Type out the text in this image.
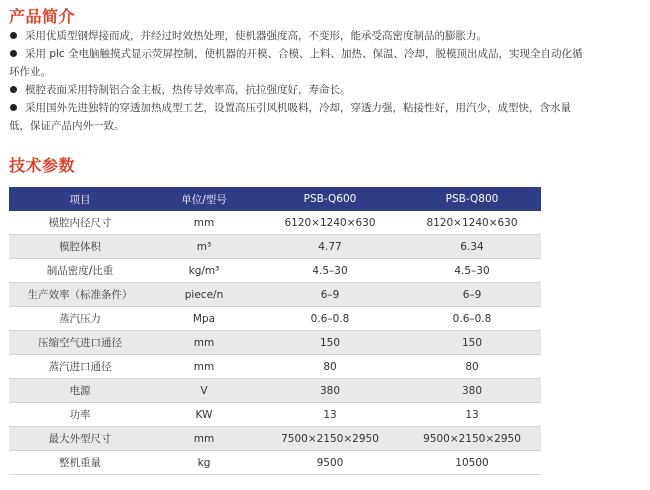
产品简介
采用优质型钢焊接而成，并经过时效热处理，使机器强度高，不变形，能承受高密度制品的膨胀力。
采用 plc 全电脑触摸式显示荧屏控制，使机器的开模、合模、上料、加热、保温、冷却，脱模顶出成品，实现全自动化循
环作业。
模腔表面采用特制铝合金主板，热传导效率高，抗拉强度好，寿命长。
采用国外先进独特的穿透加热成型工艺，设置高压引风机吸料，冷却，穿透力强，粘接性好，用汽少，成型快，含水量
低，保证产品内外一致。
技术参数
项目	单位/型号	PSB-Q600	PSB-Q800
模腔内径尺寸	mm	6120×1240×630	8120×1240×630
模腔体积	m³	4.77	6.34
制品密度/比重	kg/m³	4.5–30	4.5–30
生产效率（标准条件）	piece/n	6–9	6–9
蒸汽压力	Mpa	0.6–0.8	0.6–0.8
压缩空气进口通径	mm	150	150
蒸汽进口通径	mm	80	80
电源	V	380	380
功率	KW	13	13
最大外型尺寸	mm	7500×2150×2950	9500×2150×2950
整机重量	kg	9500	10500
